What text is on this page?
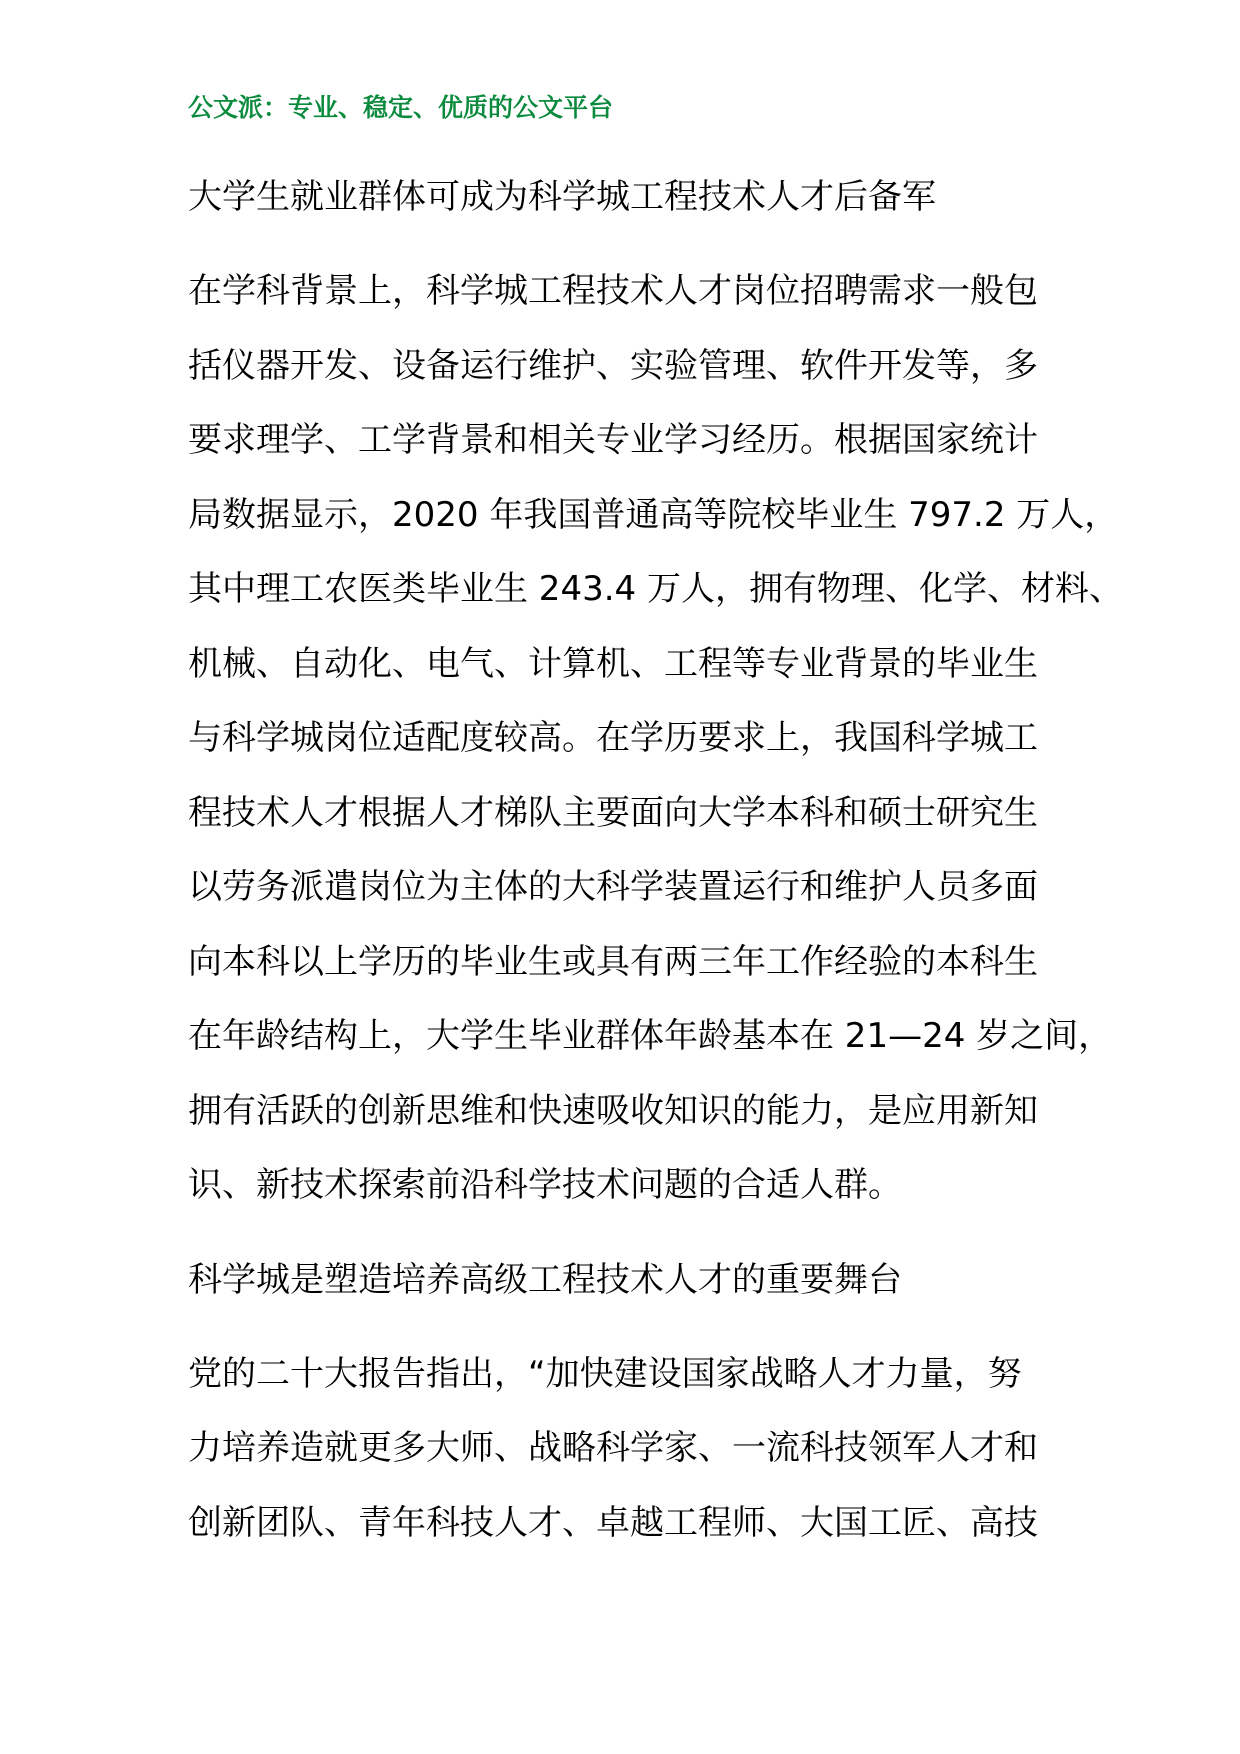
公文派：专业、稳定、优质的公文平台
大学生就业群体可成为科学城工程技术人才后备军
在学科背景上，科学城工程技术人才岗位招聘需求一般包
括仪器开发、设备运行维护、实验管理、软件开发等，多
要求理学、工学背景和相关专业学习经历。根据国家统计
局数据显示，2020 年我国普通高等院校毕业生 797.2 万人，
其中理工农医类毕业生 243.4 万人，拥有物理、化学、材料、
机械、自动化、电气、计算机、工程等专业背景的毕业生
与科学城岗位适配度较高。在学历要求上，我国科学城工
程技术人才根据人才梯队主要面向大学本科和硕士研究生
以劳务派遣岗位为主体的大科学装置运行和维护人员多面
向本科以上学历的毕业生或具有两三年工作经验的本科生
在年龄结构上，大学生毕业群体年龄基本在 21—24 岁之间，
拥有活跃的创新思维和快速吸收知识的能力，是应用新知
识、新技术探索前沿科学技术问题的合适人群。
科学城是塑造培养高级工程技术人才的重要舞台
党的二十大报告指出，“加快建设国家战略人才力量，努
力培养造就更多大师、战略科学家、一流科技领军人才和
创新团队、青年科技人才、卓越工程师、大国工匠、高技
